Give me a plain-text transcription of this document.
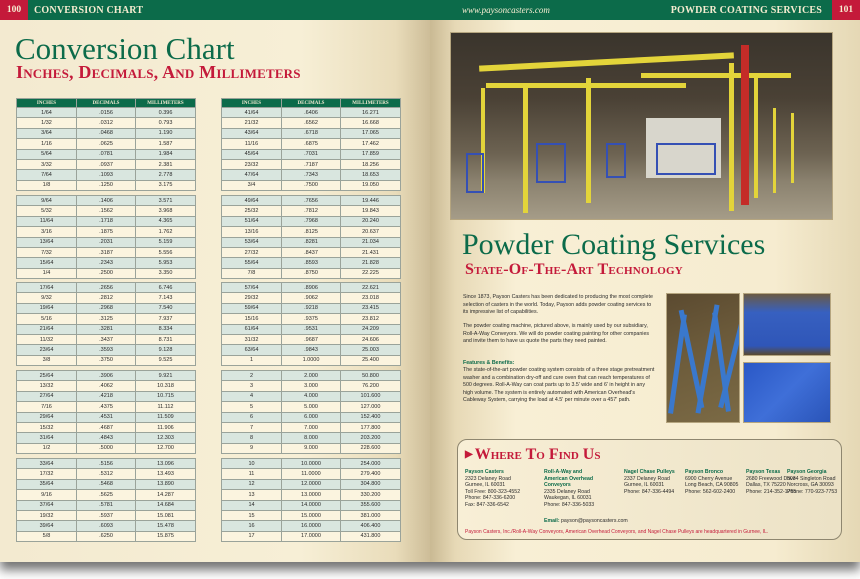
100	CONVERSION CHART
Conversion Chart
Inches, Decimals, And Millimeters
INCHES	DECIMALS	MILLIMETERS
1/64	.0156	0.396
1/32	.0312	0.793
3/64	.0468	1.190
1/16	.0625	1.587
5/64	.0781	1.984
3/32	.0937	2.381
7/64	.1093	2.778
1/8	.1250	3.175
9/64	.1406	3.571
5/32	.1562	3.968
11/64	.1718	4.365
3/16	.1875	1.762
13/64	.2031	5.159
7/32	.3187	5.556
15/64	.2343	5.953
1/4	.2500	3.350
17/64	.2656	6.746
9/32	.2812	7.143
19/64	.2968	7.540
5/16	.3125	7.937
21/64	.3281	8.334
11/32	.3437	8.731
23/64	.3593	9.128
3/8	.3750	9.525
25/64	.3906	9.921
13/32	.4062	10.318
27/64	.4218	10.715
7/16	.4375	11.112
29/64	.4531	11.509
15/32	.4687	11.906
31/64	.4843	12.303
1/2	.5000	12.700
33/64	.5156	13.096
17/32	.5312	13.493
35/64	.5468	13.890
9/16	.5625	14.287
37/64	.5781	14.684
19/32	.5937	15.081
39/64	.6093	15.478
5/8	.6250	15.875
INCHES	DECIMALS	MILLIMETERS
41/64	.6406	16.271
21/32	.6562	16.668
43/64	.6718	17.065
11/16	.6875	17.462
45/64	.7031	17.859
23/32	.7187	18.256
47/64	.7343	18.653
3/4	.7500	19.050
49/64	.7656	19.446
25/32	.7812	19.843
51/64	.7968	20.240
13/16	.8125	20.637
53/64	.8281	21.034
27/32	.8437	21.431
55/64	.8593	21.828
7/8	.8750	22.225
57/64	.8906	22.621
29/32	.9062	23.018
59/64	.9218	23.415
15/16	.9375	23.812
61/64	.9531	24.209
31/32	.9687	24.606
63/64	.9843	25.003
1	1.0000	25.400
2	2.000	50.800
3	3.000	76.200
4	4.000	101.600
5	5.000	127.000
6	6.000	152.400
7	7.000	177.800
8	8.000	203.200
9	9.000	228.600
10	10.0000	254.000
11	11.0000	279.400
12	12.0000	304.800
13	13.0000	330.200
14	14.0000	355.600
15	15.0000	381.000
16	16.0000	406.400
17	17.0000	431.800
www.paysoncasters.com	POWDER COATING SERVICES	101
Powder Coating Services
State-Of-The-Art Technology
Since 1873, Payson Casters has been dedicated to producing the most complete selection of casters in the world. Today, Payson adds powder coating services to its impressive list of capabilities.
The powder coating machine, pictured above, is mainly used by our subsidiary, Roll-A-Way Conveyors. We will do powder coating painting for other companies and invite them to have us quote the parts they need painted.
Features & Benefits:
The state-of-the-art powder coating system consists of a three stage pretreatment washer and a combination dry-off and cure oven that can reach temperatures of 500 degrees. Roll-A-Way can coat parts up to 3.5' wide and 6' in height in any high volume. The system is entirely automated with American Overhead's Cableway System, carrying the load at 4.5' per minute over a 457' path.
▶ Where To Find Us
Payson Casters
2323 Delaney Road
Gurnee, IL 60031
Toll Free: 800-323-4552
Phone: 847-336-6200
Fax: 847-336-6542
Roll-A-Way and American Overhead Conveyors
2335 Delaney Road
Waukegan, IL 60031
Phone: 847-336-5033
Nagel Chase Pulleys
2337 Delaney Road
Gurnee, IL 60031
Phone: 847-336-4494
Payson Bronco
6900 Cherry Avenue
Long Beach, CA 90805
Phone: 562-602-2400
Payson Texas
2680 Freewood Drive
Dallas, TX 75220
Phone: 214-352-1765
Payson Georgia
5034 Singleton Road
Norcross, GA 30093
Phone: 770-923-7753
Email: payson@paysoncasters.com
Payson Casters, Inc./Roll-A-Way Conveyors, American Overhead Conveyors, and Nagel Chase Pulleys are headquartered in Gurnee, IL.
